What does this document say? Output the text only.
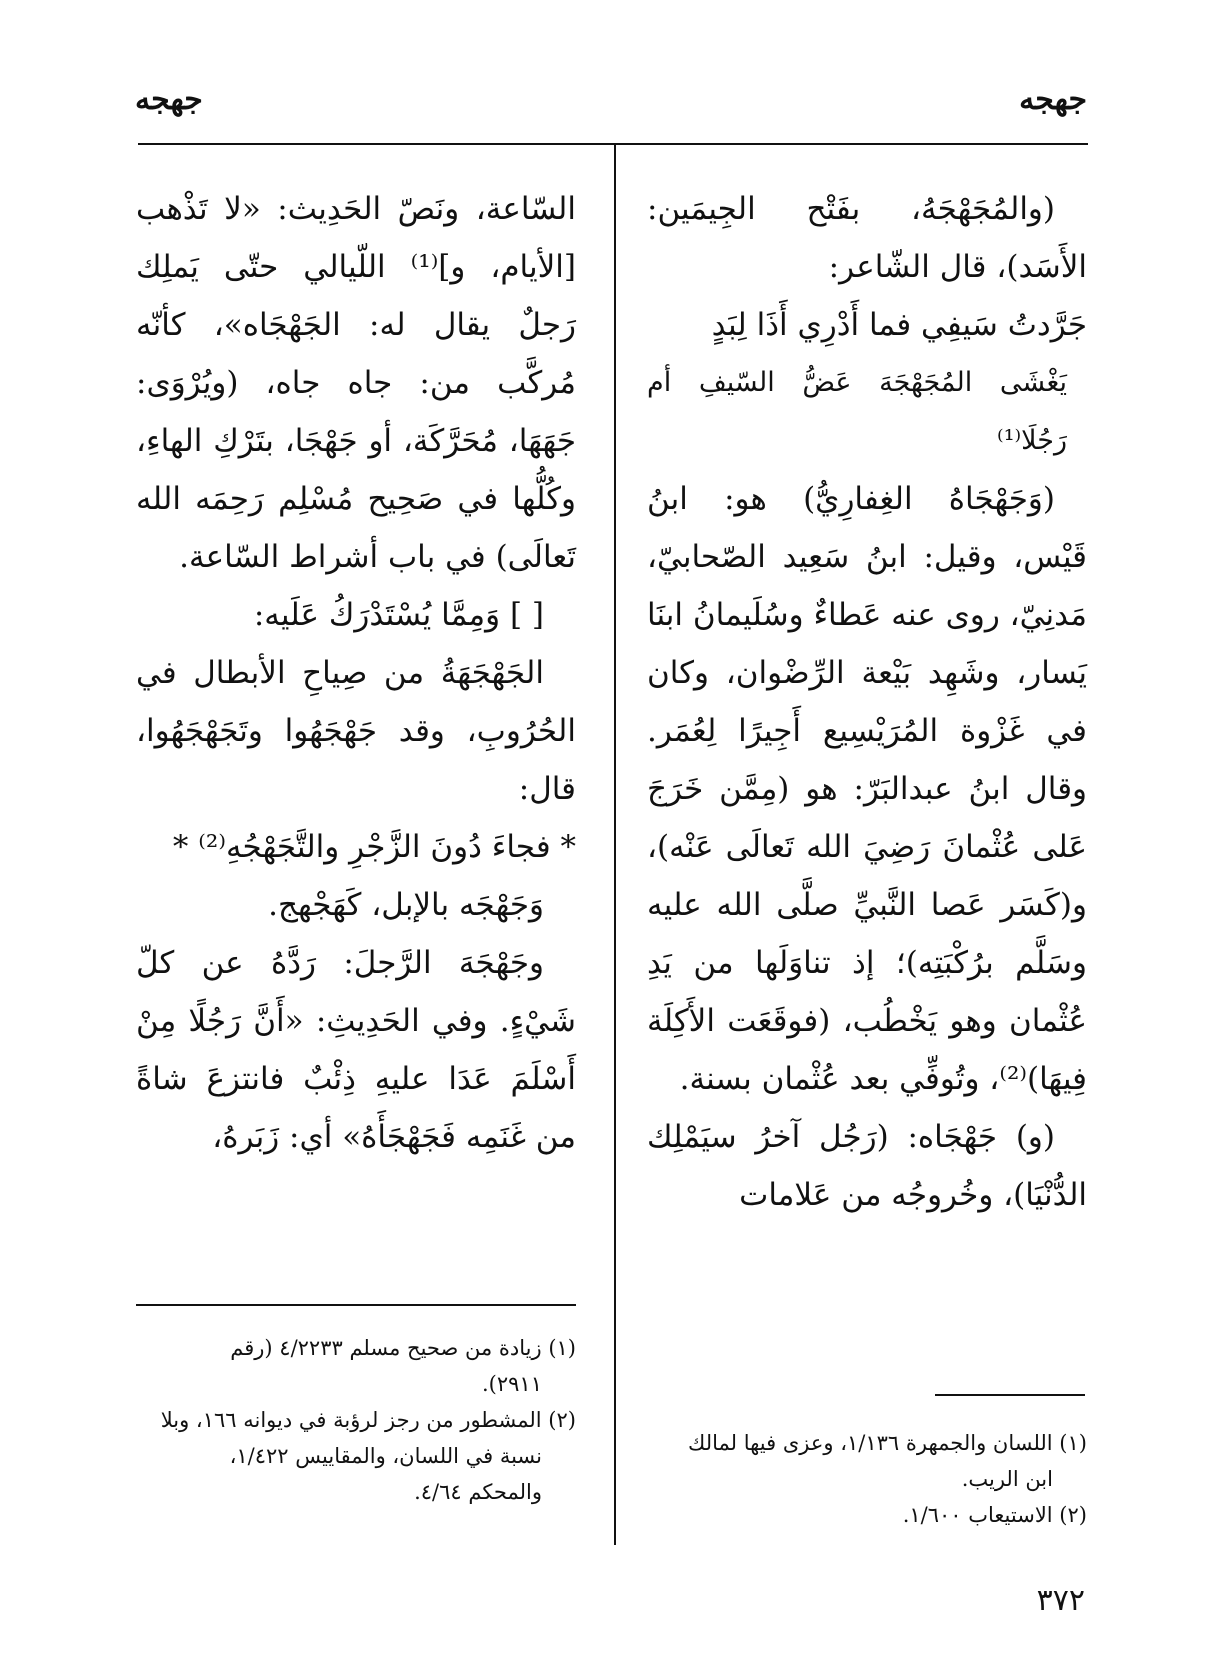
جهجه
جهجه

(والمُجَهْجَهُ، بفَتْح الجِيمَين: الأَسَد)، قال الشّاعر:

جَرَّدتُ سَيفِي فما أَدْرِي أَذَا لِبَدٍ

يَغْشَى المُجَهْجَهَ عَضُّ السّيفِ أم رَجُلَا⁽¹⁾

(وَجَهْجَاهُ الغِفارِيُّ) هو: ابنُ قَيْس، وقيل: ابنُ سَعِيد الصّحابيّ، مَدنِيّ، روى عنه عَطاءٌ وسُلَيمانُ ابنَا يَسار، وشَهِد بَيْعة الرِّضْوان، وكان في غَزْوة المُرَيْسِيع أَجِيرًا لِعُمَر. وقال ابنُ عبدالبَرّ: هو (مِمَّن خَرَجَ عَلى عُثْمانَ رَضِيَ الله تَعالَى عَنْه)، و(كَسَر عَصا النَّبيِّ صلَّى الله عليه وسَلَّم برُكْبَتِه)؛ إذ تناوَلَها من يَدِ عُثْمان وهو يَخْطُب، (فوقَعَت الأَكِلَة فِيهَا)⁽²⁾، وتُوفِّي بعد عُثْمان بسنة.

(و) جَهْجَاه: (رَجُل آخرُ سيَمْلِك الدُّنْيَا)، وخُروجُه من عَلامات

السّاعة، ونَصّ الحَدِيث: «لا تَذْهب [الأيام، و]⁽¹⁾ اللّيالي حتّى يَملِك رَجلٌ يقال له: الجَهْجَاه»، كأنّه مُركَّب من: جاه جاه، (ويُرْوَى: جَهَهَا، مُحَرَّكَة، أو جَهْجَا، بتَرْكِ الهاءِ، وكُلُّها في صَحِيح مُسْلِم رَحِمَه الله تَعالَى) في باب أشراط السّاعة.

[ ] وَمِمَّا يُسْتَدْرَكُ عَلَيه:

الجَهْجَهَةُ من صِياحِ الأبطال في الحُرُوبِ، وقد جَهْجَهُوا وتَجَهْجَهُوا، قال:

* فجاءَ دُونَ الزَّجْرِ والتَّجَهْجُهِ⁽²⁾ *

وَجَهْجَه بالإبل، كَهَجْهج.

وجَهْجَهَ الرَّجلَ: رَدَّهُ عن كلّ شَيْءٍ. وفي الحَدِيثِ: «أَنَّ رَجُلًا مِنْ أَسْلَمَ عَدَا عليهِ ذِئْبٌ فانتزعَ شاةً من غَنَمِه فَجَهْجَأَهُ» أي: زَبَرهُ،

(١) اللسان والجمهرة ١/١٣٦، وعزى فيها لمالك

ابن الريب.

(٢) الاستيعاب ١/٦٠٠.

(١) زيادة من صحيح مسلم ٤/٢٢٣٣ (رقم

٢٩١١).

(٢) المشطور من رجز لرؤبة في ديوانه ١٦٦، وبلا

نسبة في اللسان، والمقاييس ١/٤٢٢،

والمحكم ٤/٦٤.

٣٧٢
